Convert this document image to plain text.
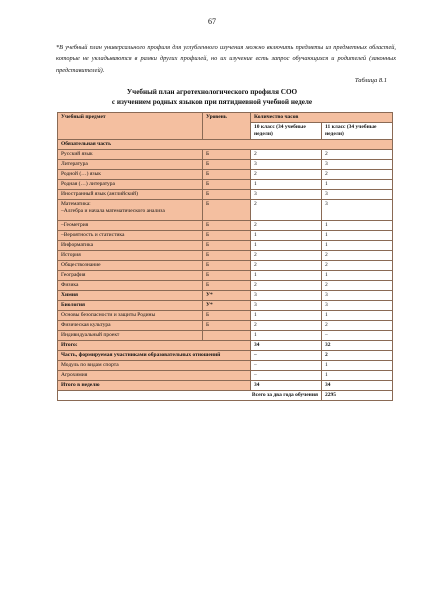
67
*В учебный план универсального профиля для углубленного изучения можно включить предметы из предметных областей, которые не укладываются в рамки других профилей, но их изучение есть запрос обучающихся и родителей (законных представителей).
Таблица 8.1
Учебный план агротехнологического профиля СОО
с изучением родных языков при пятидневной учебной неделе
Учебный предмет	Уровень	Количество часов	
		10 класс (34 учебные недели)	11 класс (34 учебные недели)
Обязательная часть			
Русский язык	Б	2	2
Литература	Б	3	3
Родной (…) язык	Б	2	2
Родная (…) литература	Б	1	1
Иностранный язык (английский)	Б	3	3
Математика:
–Алгебра и начала математического анализа	Б	2	3
–Геометрия	Б	2	1
–Вероятность и статистика	Б	1	1
Информатика	Б	1	1
История	Б	2	2
Обществознание	Б	2	2
География	Б	1	1
Физика	Б	2	2
Химия	У*	3	3
Биология	У*	3	3
Основы безопасности и защиты Родины	Б	1	1
Физическая культура	Б	2	2
Индивидуальный проект		1	–
Итого:		34	32
Часть, формируемая участниками образовательных отношений		–	2
Модуль по видам спорта		–	1
Агрохимия		–	1
Итого в неделю		34	34
Всего за два года обучения			2295
